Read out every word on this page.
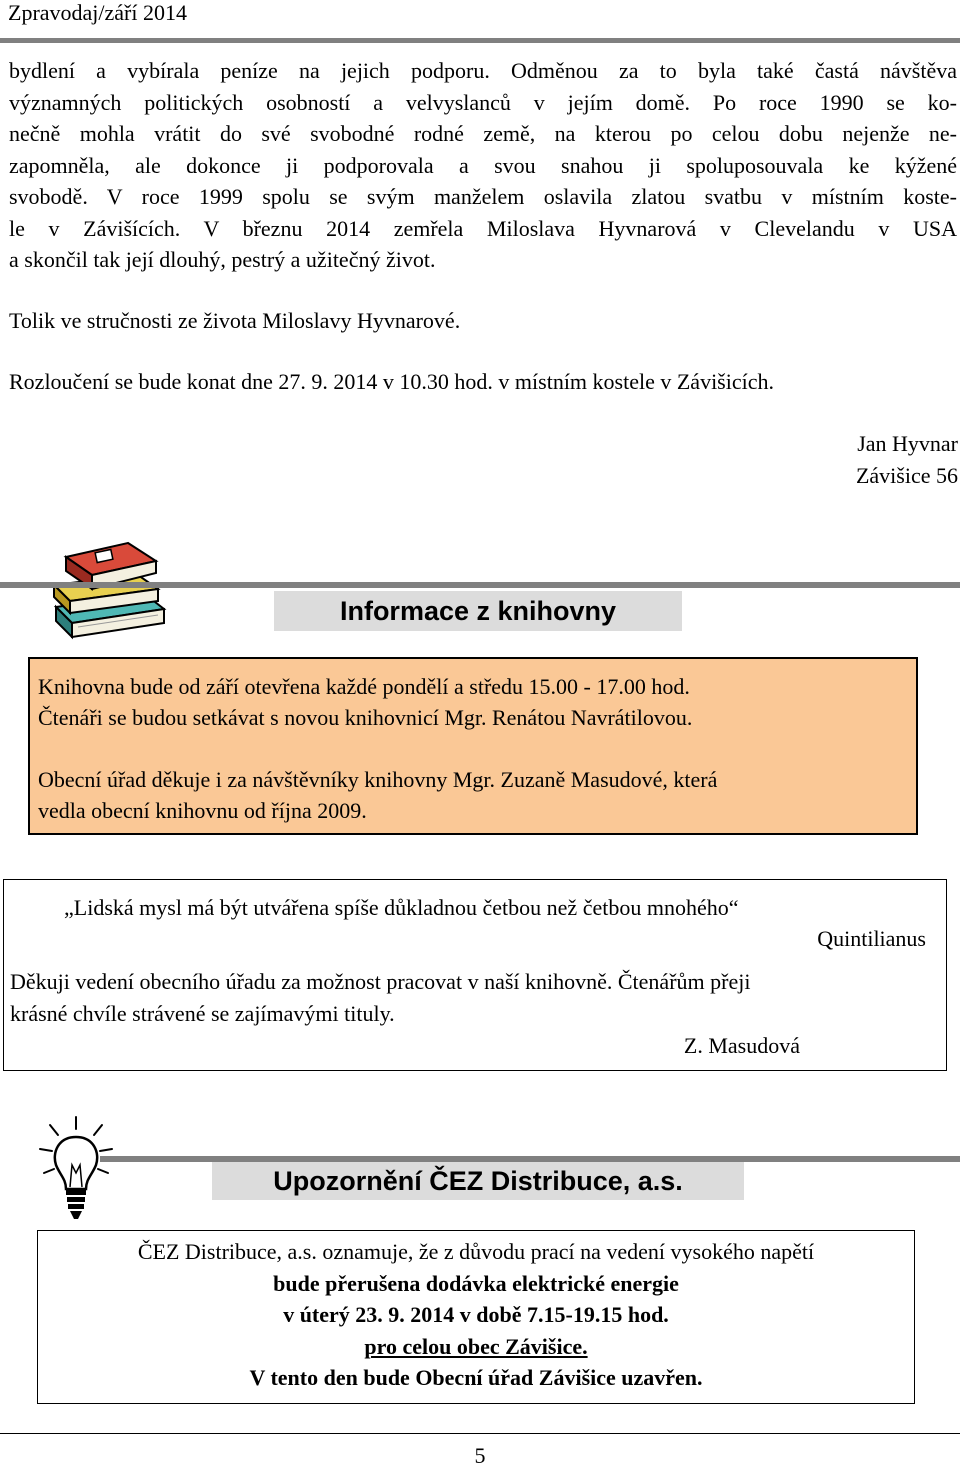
Zpravodaj/září 2014
bydlení a vybírala peníze na jejich podporu. Odměnou za to byla také častá návštěva
významných politických osobností a velvyslanců v jejím domě. Po roce 1990 se ko-
nečně mohla vrátit do své svobodné rodné země, na kterou po celou dobu nejenže ne-
zapomněla, ale dokonce ji podporovala a svou snahou ji spoluposouvala ke kýžené
svobodě. V roce 1999 spolu se svým manželem oslavila zlatou svatbu v místním koste-
le v Závišících. V březnu 2014 zemřela Miloslava Hyvnarová v Clevelandu v USA
a skončil tak její dlouhý, pestrý a užitečný život.
Tolik ve stručnosti ze života Miloslavy Hyvnarové.
Rozloučení se bude konat dne 27. 9. 2014 v 10.30 hod. v místním kostele v Závišicích.
Jan Hyvnar
Závišice 56
Informace z knihovny
Knihovna bude od září otevřena každé pondělí a středu 15.00 - 17.00 hod.
Čtenáři se budou setkávat s novou knihovnicí Mgr. Renátou Navrátilovou.
Obecní úřad děkuje i za návštěvníky knihovny Mgr. Zuzaně Masudové, která
vedla obecní knihovnu od října 2009.
„Lidská mysl má být utvářena spíše důkladnou četbou než četbou mnohého“
Quintilianus
Děkuji vedení obecního úřadu za možnost pracovat v naší knihovně. Čtenářům přeji
krásné chvíle strávené se zajímavými tituly.
Z. Masudová
Upozornění ČEZ Distribuce, a.s.
ČEZ Distribuce, a.s. oznamuje, že z důvodu prací na vedení vysokého napětí
bude přerušena dodávka elektrické energie
v úterý 23. 9. 2014 v době 7.15-19.15 hod.
pro celou obec Závišice.
V tento den bude Obecní úřad Závišice uzavřen.
5
